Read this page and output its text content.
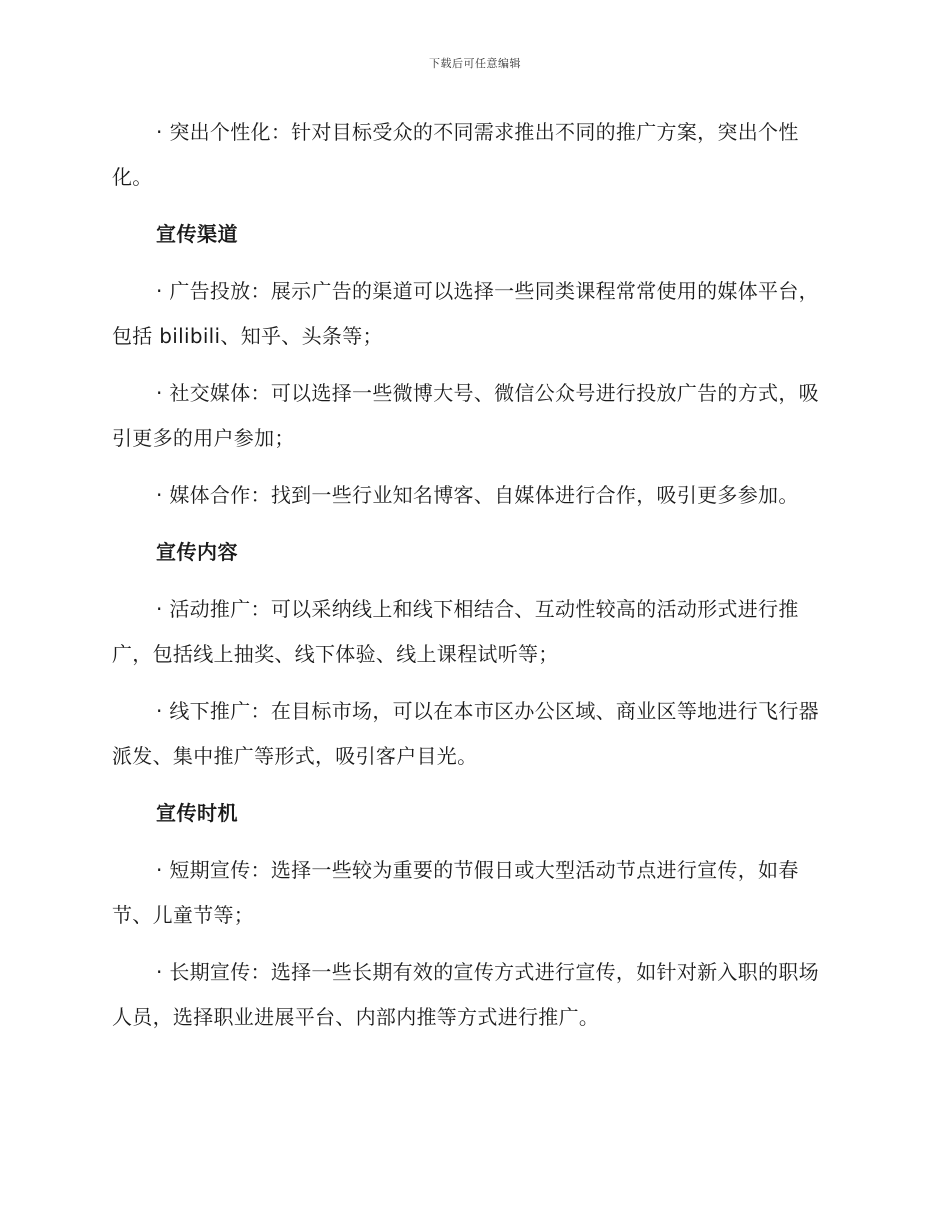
下载后可任意编辑

· 突出个性化：针对目标受众的不同需求推出不同的推广方案，突出个性化。

宣传渠道

· 广告投放：展示广告的渠道可以选择一些同类课程常常使用的媒体平台，包括 bilibili、知乎、头条等；

· 社交媒体：可以选择一些微博大号、微信公众号进行投放广告的方式，吸引更多的用户参加；

· 媒体合作：找到一些行业知名博客、自媒体进行合作，吸引更多参加。

宣传内容

· 活动推广：可以采纳线上和线下相结合、互动性较高的活动形式进行推广，包括线上抽奖、线下体验、线上课程试听等；

· 线下推广：在目标市场，可以在本市区办公区域、商业区等地进行飞行器派发、集中推广等形式，吸引客户目光。

宣传时机

· 短期宣传：选择一些较为重要的节假日或大型活动节点进行宣传，如春节、儿童节等；

· 长期宣传：选择一些长期有效的宣传方式进行宣传，如针对新入职的职场人员，选择职业进展平台、内部内推等方式进行推广。
